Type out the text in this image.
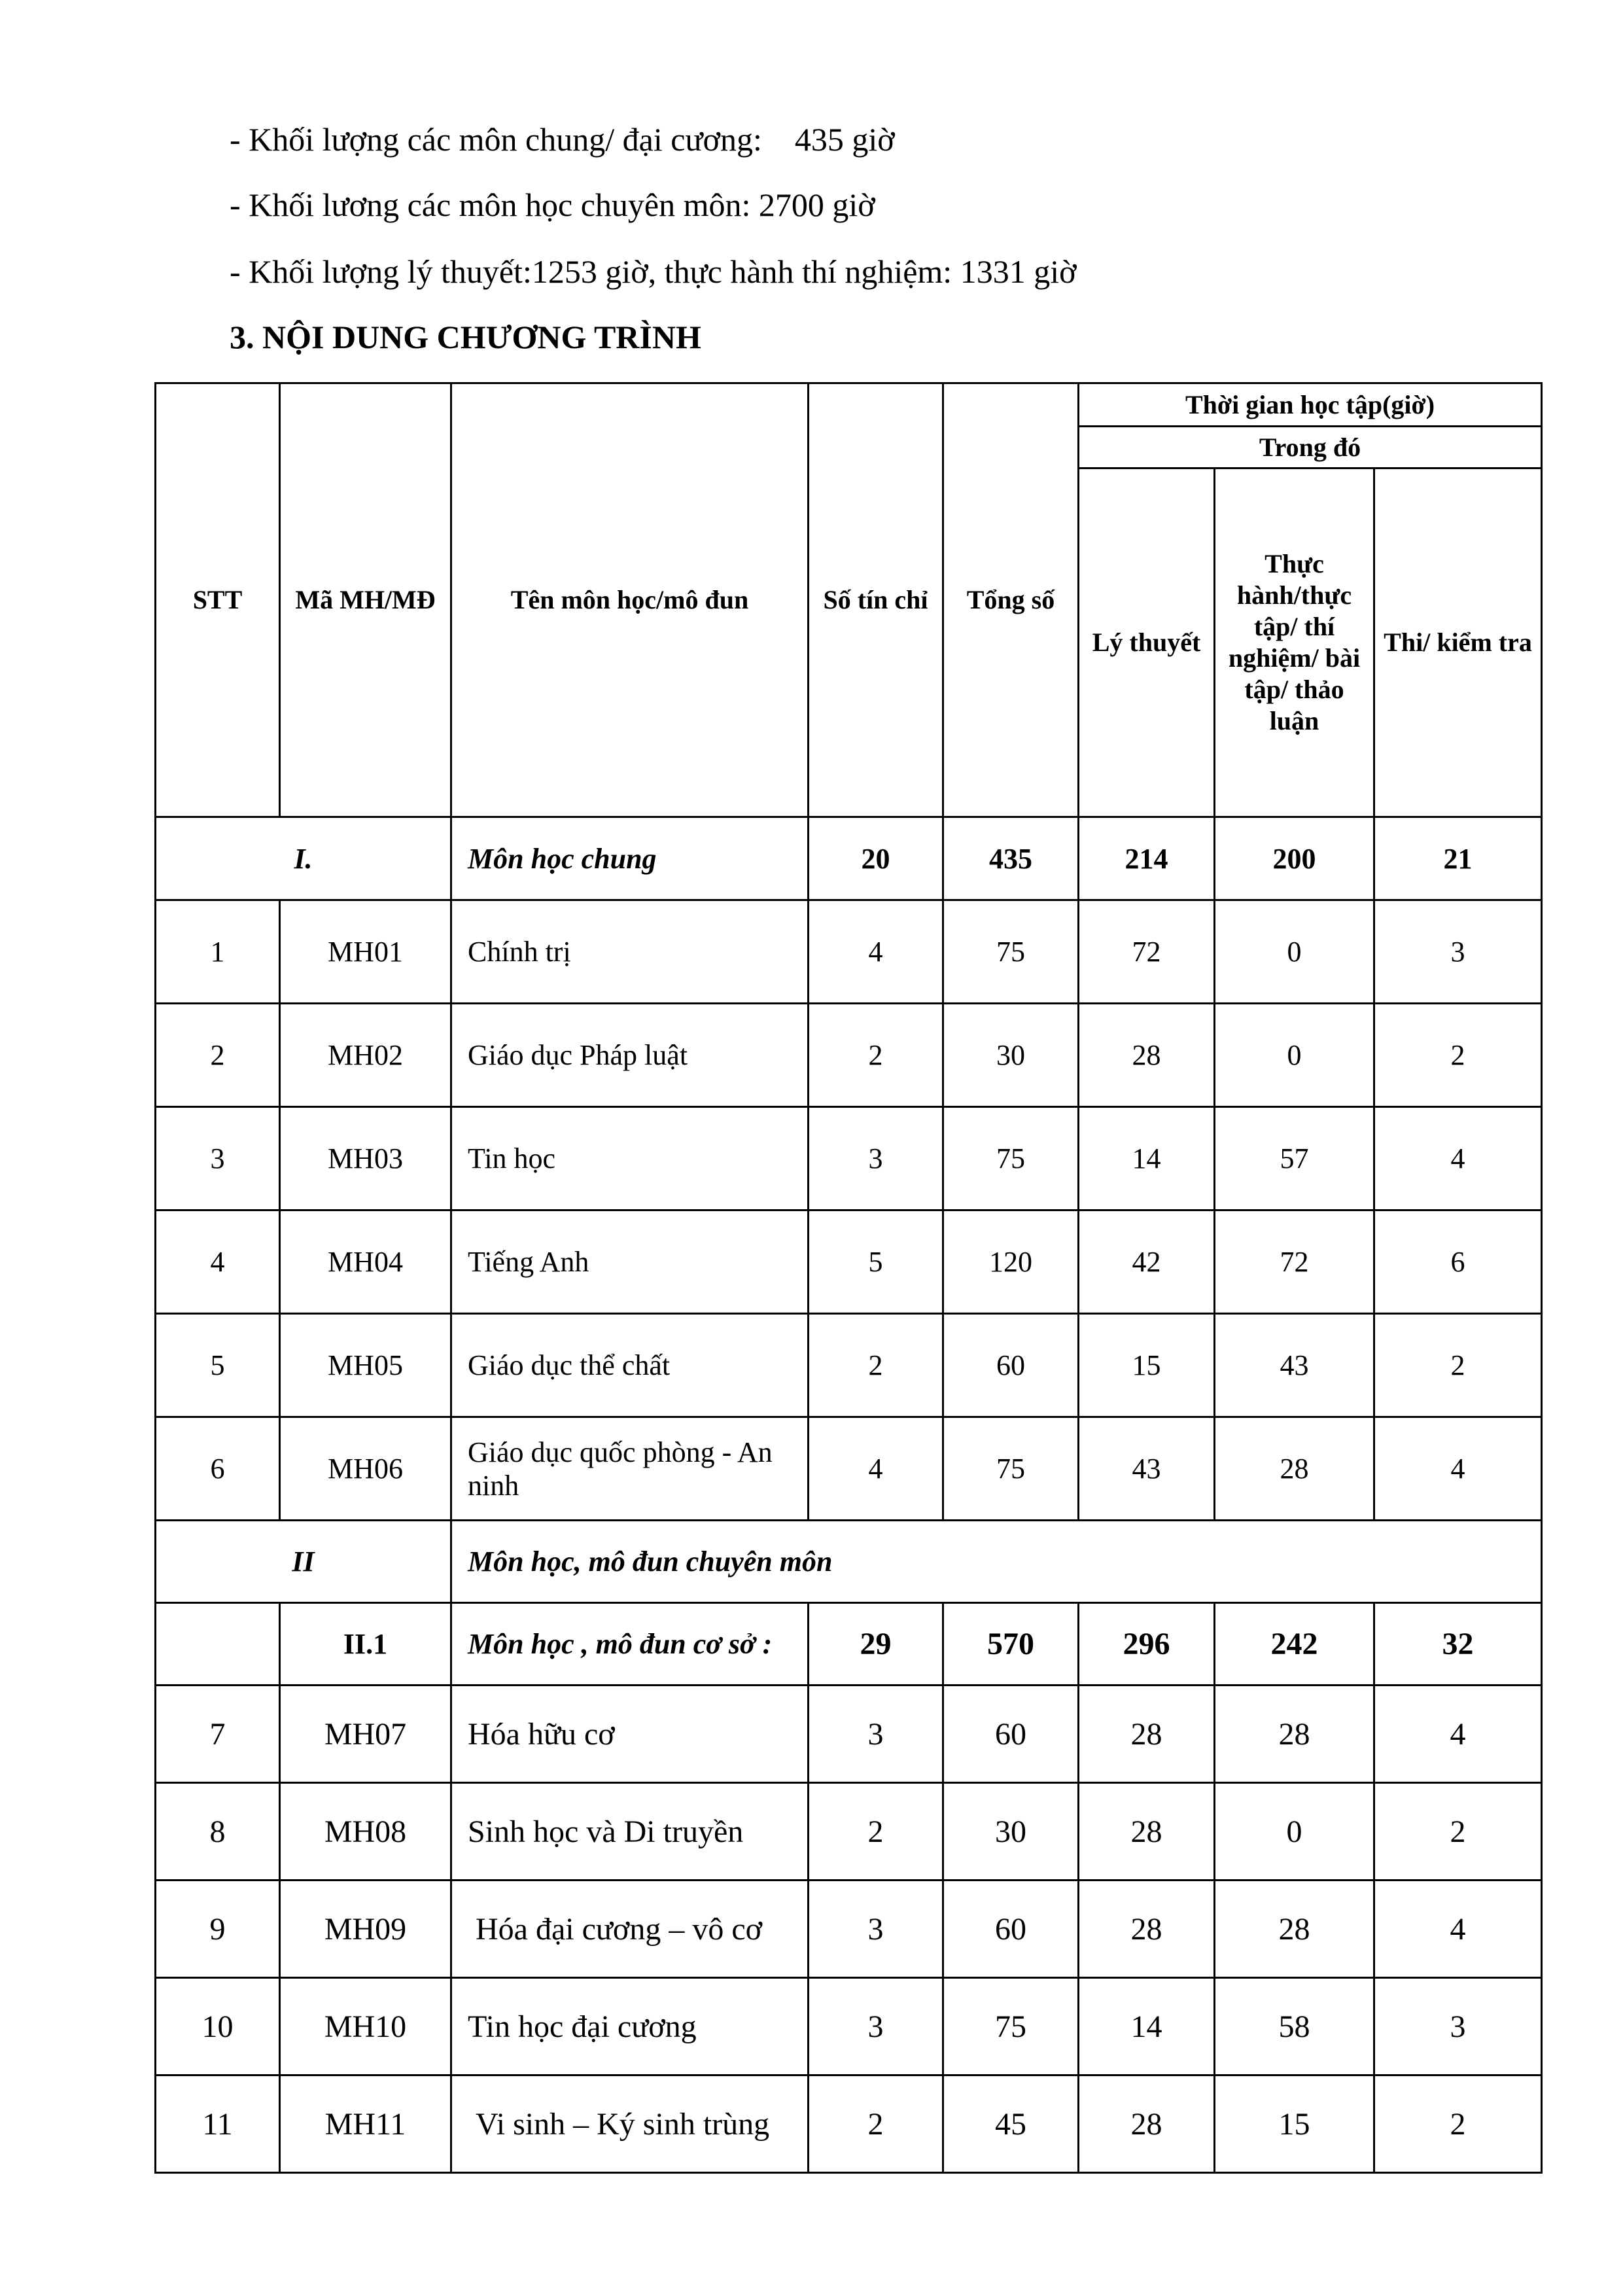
- Khối lượng các môn chung/ đại cương:    435 giờ
- Khối lương các môn học chuyên môn: 2700 giờ
- Khối lượng lý thuyết:1253 giờ, thực hành thí nghiệm: 1331 giờ
3. NỘI DUNG CHƯƠNG TRÌNH
STT	Mã MH/MĐ	Tên môn học/mô đun	Số tín chỉ	Tổng số	Thời gian học tập(giờ)		
					Trong đó		
					Lý thuyết	Thực hành/thực tập/ thí nghiệm/ bài tập/ thảo luận	Thi/ kiểm tra
I.		Môn học chung	20	435	214	200	21
1	MH01	Chính trị	4	75	72	0	3
2	MH02	Giáo dục Pháp luật	2	30	28	0	2
3	MH03	Tin học	3	75	14	57	4
4	MH04	Tiếng Anh	5	120	42	72	6
5	MH05	Giáo dục thể chất	2	60	15	43	2
6	MH06	Giáo dục quốc phòng - An ninh	4	75	43	28	4
II		Môn học, mô đun chuyên môn					
	II.1	Môn học , mô đun cơ sở :	29	570	296	242	32
7	MH07	Hóa hữu cơ	3	60	28	28	4
8	MH08	Sinh học và Di truyền	2	30	28	0	2
9	MH09	Hóa đại cương – vô cơ	3	60	28	28	4
10	MH10	Tin học đại cương	3	75	14	58	3
11	MH11	Vi sinh – Ký sinh trùng	2	45	28	15	2
